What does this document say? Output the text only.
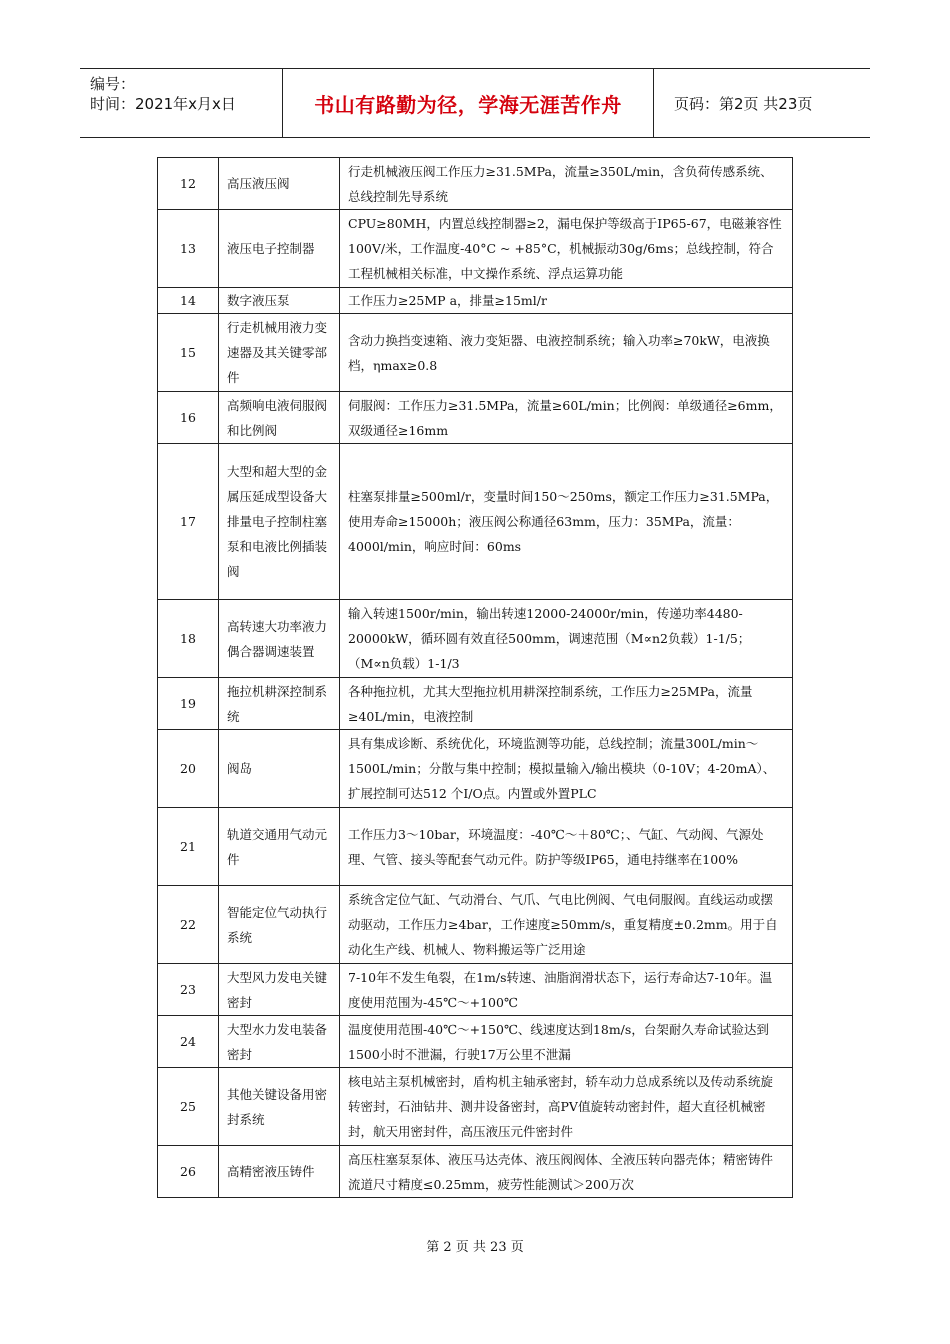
编号：
时间：2021年x月x日	书山有路勤为径，学海无涯苦作舟	页码：第2页 共23页
12	高压液压阀	行走机械液压阀工作压力≥31.5MPa，流量≥350L/min，含负荷传感系统、总线控制先导系统
13	液压电子控制器	CPU≥80MH，内置总线控制器≥2，漏电保护等级高于IP65-67，电磁兼容性100V/米，工作温度-40°C ~ +85°C，机械振动30g/6ms；总线控制，符合工程机械相关标准，中文操作系统、浮点运算功能
14	数字液压泵	工作压力≥25MP a，排量≥15ml/r
15	行走机械用液力变速器及其关键零部件	含动力换挡变速箱、液力变矩器、电液控制系统；输入功率≥70kW，电液换档，ηmax≥0.8
16	高频响电液伺服阀和比例阀	伺服阀：工作压力≥31.5MPa，流量≥60L/min；比例阀：单级通径≥6mm，双级通径≥16mm
17	大型和超大型的金属压延成型设备大排量电子控制柱塞泵和电液比例插装阀	柱塞泵排量≥500ml/r，变量时间150～250ms，额定工作压力≥31.5MPa，使用寿命≥15000h；液压阀公称通径63mm，压力：35MPa，流量：4000l/min，响应时间：60ms
18	高转速大功率液力偶合器调速装置	输入转速1500r/min，输出转速12000-24000r/min，传递功率4480-20000kW，循环圆有效直径500mm，调速范围（M∝n2负载）1-1/5；（M∝n负载）1-1/3
19	拖拉机耕深控制系统	各种拖拉机，尤其大型拖拉机用耕深控制系统，工作压力≥25MPa，流量≥40L/min，电液控制
20	阀岛	具有集成诊断、系统优化，环境监测等功能，总线控制；流量300L/min～1500L/min；分散与集中控制；模拟量输入/输出模块（0-10V；4-20mA）、扩展控制可达512 个I/O点。内置或外置PLC
21	轨道交通用气动元件	工作压力3～10bar，环境温度：-40℃～＋80℃；、气缸、气动阀、气源处理、气管、接头等配套气动元件。防护等级IP65，通电持继率在100%
22	智能定位气动执行系统	系统含定位气缸、气动滑台、气爪、气电比例阀、气电伺服阀。直线运动或摆动驱动，工作压力≥4bar，工作速度≥50mm/s，重复精度±0.2mm。用于自动化生产线、机械人、物料搬运等广泛用途
23	大型风力发电关键密封	7-10年不发生龟裂，在1m/s转速、油脂润滑状态下，运行寿命达7-10年。温度使用范围为-45℃～+100℃
24	大型水力发电装备密封	温度使用范围-40℃～+150℃、线速度达到18m/s，台架耐久寿命试验达到1500小时不泄漏，行驶17万公里不泄漏
25	其他关键设备用密封系统	核电站主泵机械密封，盾构机主轴承密封，轿车动力总成系统以及传动系统旋转密封，石油钻井、测井设备密封，高PV值旋转动密封件，超大直径机械密封，航天用密封件，高压液压元件密封件
26	高精密液压铸件	高压柱塞泵泵体、液压马达壳体、液压阀阀体、全液压转向器壳体；精密铸件流道尺寸精度≤0.25mm，疲劳性能测试＞200万次
第 2 页 共 23 页
